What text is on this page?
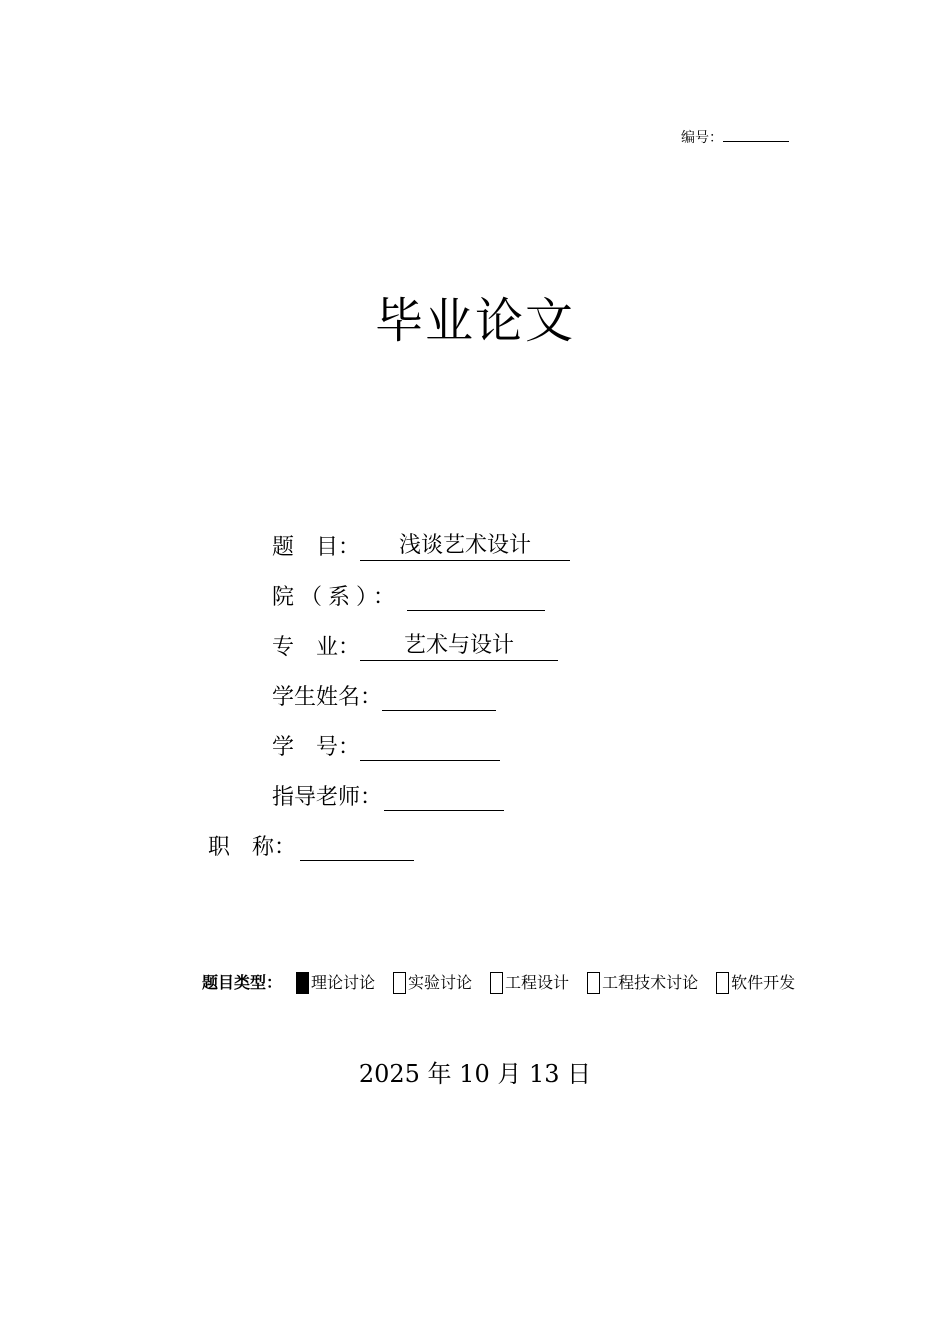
编号：
毕业论文
题　目： 浅谈艺术设计
院（系）：
专　业： 艺术与设计
学生姓名：
学　号：
指导老师：
职　称：
题目类型： 理论讨论 实验讨论 工程设计 工程技术讨论 软件开发
2025 年 10 月 13 日
